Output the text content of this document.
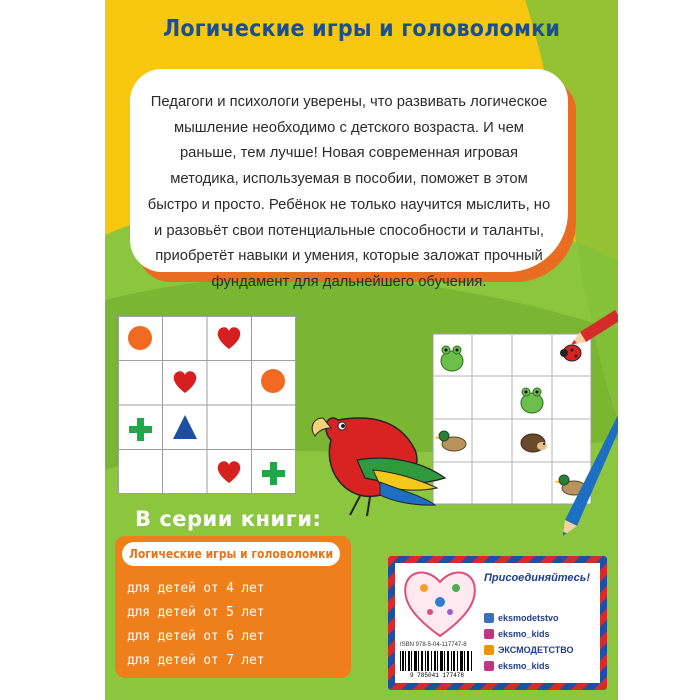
Логические игры и головоломки

Педагоги и психологи уверены, что развивать логическое мышление необходимо с детского возраста. И чем раньше, тем лучше! Новая современная игровая методика, используемая в пособии, поможет в этом быстро и просто. Ребёнок не только научится мыслить, но и разовьёт свои потенциальные способности и таланты, приобретёт навыки и умения, которые заложат прочный фундамент для дальнейшего обучения.

В серии книги:
Логические игры и головоломки
для детей от 4 лет
для детей от 5 лет
для детей от 6 лет
для детей от 7 лет
ISBN 978-5-04-117747-8
9 785041 177478
Присоединяйтесь!
eksmodetstvo
eksmo_kids
ЭКСМОДЕТСТВО
eksmo_kids
